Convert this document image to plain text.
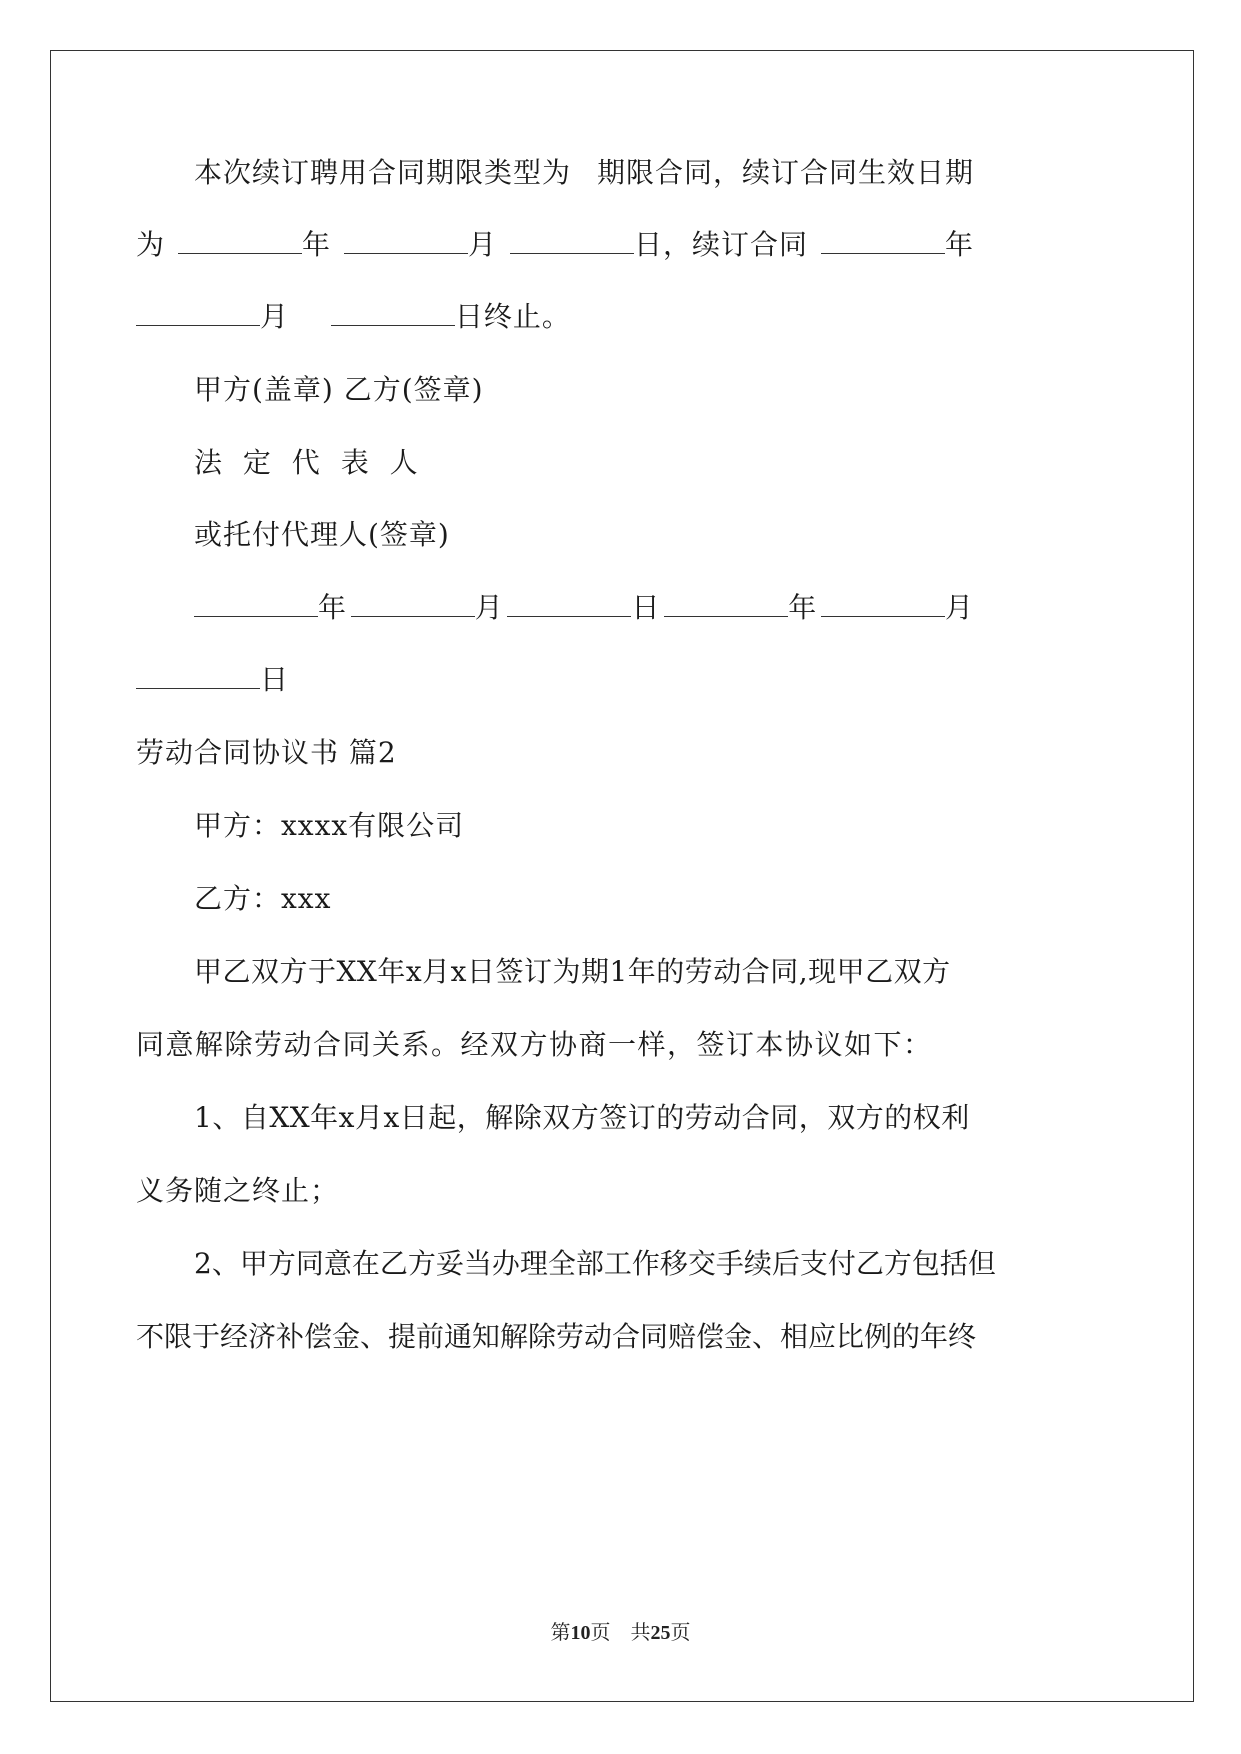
本次续订聘用合同期限类型为 期限合同，续订合同生效日期
为	年	月	日，续订合同	年
月	日终止。
甲方(盖章) 乙方(签章)
法 定 代 表 人
或托付代理人(签章)
年	月	日	年	月
日
劳动合同协议书 篇2
甲方：xxxx有限公司
乙方：xxx
甲乙双方于XX年x月x日签订为期1年的劳动合同,现甲乙双方
同意解除劳动合同关系。经双方协商一样，签订本协议如下：
1、自XX年x月x日起，解除双方签订的劳动合同，双方的权利
义务随之终止；
2、甲方同意在乙方妥当办理全部工作移交手续后支付乙方包括但
不限于经济补偿金、提前通知解除劳动合同赔偿金、相应比例的年终
第10页　共25页
